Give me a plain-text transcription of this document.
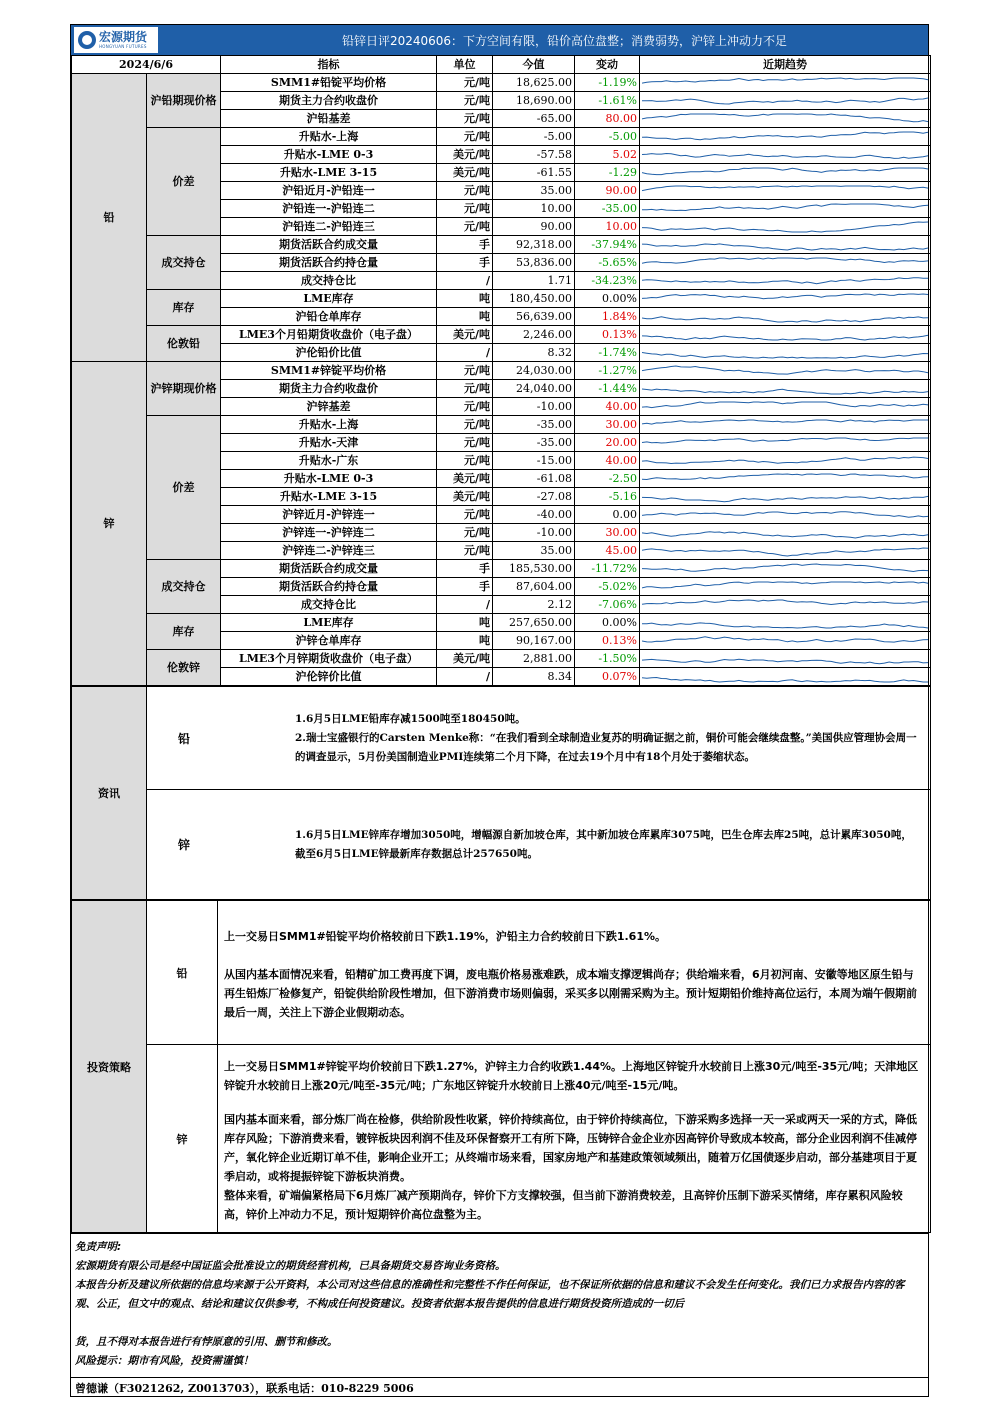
宏源期货
HONGYUAN FUTURES	铅锌日评20240606：下方空间有限，铅价高位盘整；消费弱势，沪锌上冲动力不足
2024/6/6		指标	单位	今值	变动	近期趋势
铅	沪铅期现价格	SMM1#铅锭平均价格	元/吨	18,625.00	-1.19%	

		期货主力合约收盘价	元/吨	18,690.00	-1.61%	

		沪铅基差	元/吨	-65.00	80.00	

	价差	升贴水-上海	元/吨	-5.00	-5.00	

		升贴水-LME 0-3	美元/吨	-57.58	5.02	

		升贴水-LME 3-15	美元/吨	-61.55	-1.29	

		沪铅近月-沪铅连一	元/吨	35.00	90.00	

		沪铅连一-沪铅连二	元/吨	10.00	-35.00	

		沪铅连二-沪铅连三	元/吨	90.00	10.00	

	成交持仓	期货活跃合约成交量	手	92,318.00	-37.94%	

		期货活跃合约持仓量	手	53,836.00	-5.65%	

		成交持仓比	/	1.71	-34.23%	

	库存	LME库存	吨	180,450.00	0.00%	

		沪铅仓单库存	吨	56,639.00	1.84%	

	伦敦铅	LME3个月铅期货收盘价（电子盘）	美元/吨	2,246.00	0.13%	

		沪伦铅价比值	/	8.32	-1.74%	

锌	沪锌期现价格	SMM1#锌锭平均价格	元/吨	24,030.00	-1.27%	

		期货主力合约收盘价	元/吨	24,040.00	-1.44%	

		沪锌基差	元/吨	-10.00	40.00	

	价差	升贴水-上海	元/吨	-35.00	30.00	

		升贴水-天津	元/吨	-35.00	20.00	

		升贴水-广东	元/吨	-15.00	40.00	

		升贴水-LME 0-3	美元/吨	-61.08	-2.50	

		升贴水-LME 3-15	美元/吨	-27.08	-5.16	

		沪锌近月-沪锌连一	元/吨	-40.00	0.00	

		沪锌连一-沪锌连二	元/吨	-10.00	30.00	

		沪锌连二-沪锌连三	元/吨	35.00	45.00	

	成交持仓	期货活跃合约成交量	手	185,530.00	-11.72%	

		期货活跃合约持仓量	手	87,604.00	-5.02%	

		成交持仓比	/	2.12	-7.06%	

	库存	LME库存	吨	257,650.00	0.00%	

		沪锌仓单库存	吨	90,167.00	0.13%	

	伦敦锌	LME3个月锌期货收盘价（电子盘）	美元/吨	2,881.00	-1.50%	

		沪伦锌价比值	/	8.34	0.07%	
资讯	
铅
1.6月5日LME铅库存减1500吨至180450吨。
2.瑞士宝盛银行的Carsten Menke称：“在我们看到全球制造业复苏的明确证据之前，铜价可能会继续盘整。”美国供应管理协会周一的调查显示，5月份美国制造业PMI连续第二个月下降，在过去19个月中有18个月处于萎缩状态。

锌
1.6月5日LME锌库存增加3050吨，增幅源自新加坡仓库，其中新加坡仓库累库3075吨，巴生仓库去库25吨，总计累库3050吨，截至6月5日LME锌最新库存数据总计257650吨。
投资策略	铅	上一交易日SMM1#铅锭平均价格较前日下跌1.19%，沪铅主力合约较前日下跌1.61%。

从国内基本面情况来看，铅精矿加工费再度下调，废电瓶价格易涨难跌，成本端支撑逻辑尚存；供给端来看，6月初河南、安徽等地区原生铅与再生铅炼厂检修复产，铅锭供给阶段性增加，但下游消费市场则偏弱，采买多以刚需采购为主。预计短期铅价维持高位运行，本周为端午假期前最后一周，关注上下游企业假期动态。

	锌	上一交易日SMM1#锌锭平均价较前日下跌1.27%，沪锌主力合约收跌1.44%。上海地区锌锭升水较前日上涨30元/吨至-35元/吨；天津地区锌锭升水较前日上涨20元/吨至-35元/吨；广东地区锌锭升水较前日上涨40元/吨至-15元/吨。

国内基本面来看，部分炼厂尚在检修，供给阶段性收紧，锌价持续高位，由于锌价持续高位，下游采购多选择一天一采或两天一采的方式，降低库存风险；下游消费来看，镀锌板块因利润不佳及环保督察开工有所下降，压铸锌合金企业亦因高锌价导致成本较高，部分企业因利润不佳减停产，氧化锌企业近期订单不佳，影响企业开工；从终端市场来看，国家房地产和基建政策领域频出，随着万亿国债逐步启动，部分基建项目于夏季启动，或将提振锌锭下游板块消费。
整体来看，矿端偏紧格局下6月炼厂减产预期尚存，锌价下方支撑较强，但当前下游消费较差，且高锌价压制下游采买情绪，库存累积风险较高，锌价上冲动力不足，预计短期锌价高位盘整为主。

免责声明:
宏源期货有限公司是经中国证监会批准设立的期货经营机构，已具备期货交易咨询业务资格。
本报告分析及建议所依据的信息均来源于公开资料，本公司对这些信息的准确性和完整性不作任何保证，也不保证所依据的信息和建议不会发生任何变化。我们已力求报告内容的客观、公正，但文中的观点、结论和建议仅供参考，不构成任何投资建议。投资者依据本报告提供的信息进行期货投资所造成的一切后
货，且不得对本报告进行有悖原意的引用、删节和修改。
风险提示：期市有风险，投资需谨慎！
曾德谦（F3021262, Z0013703），联系电话：010-8229 5006
